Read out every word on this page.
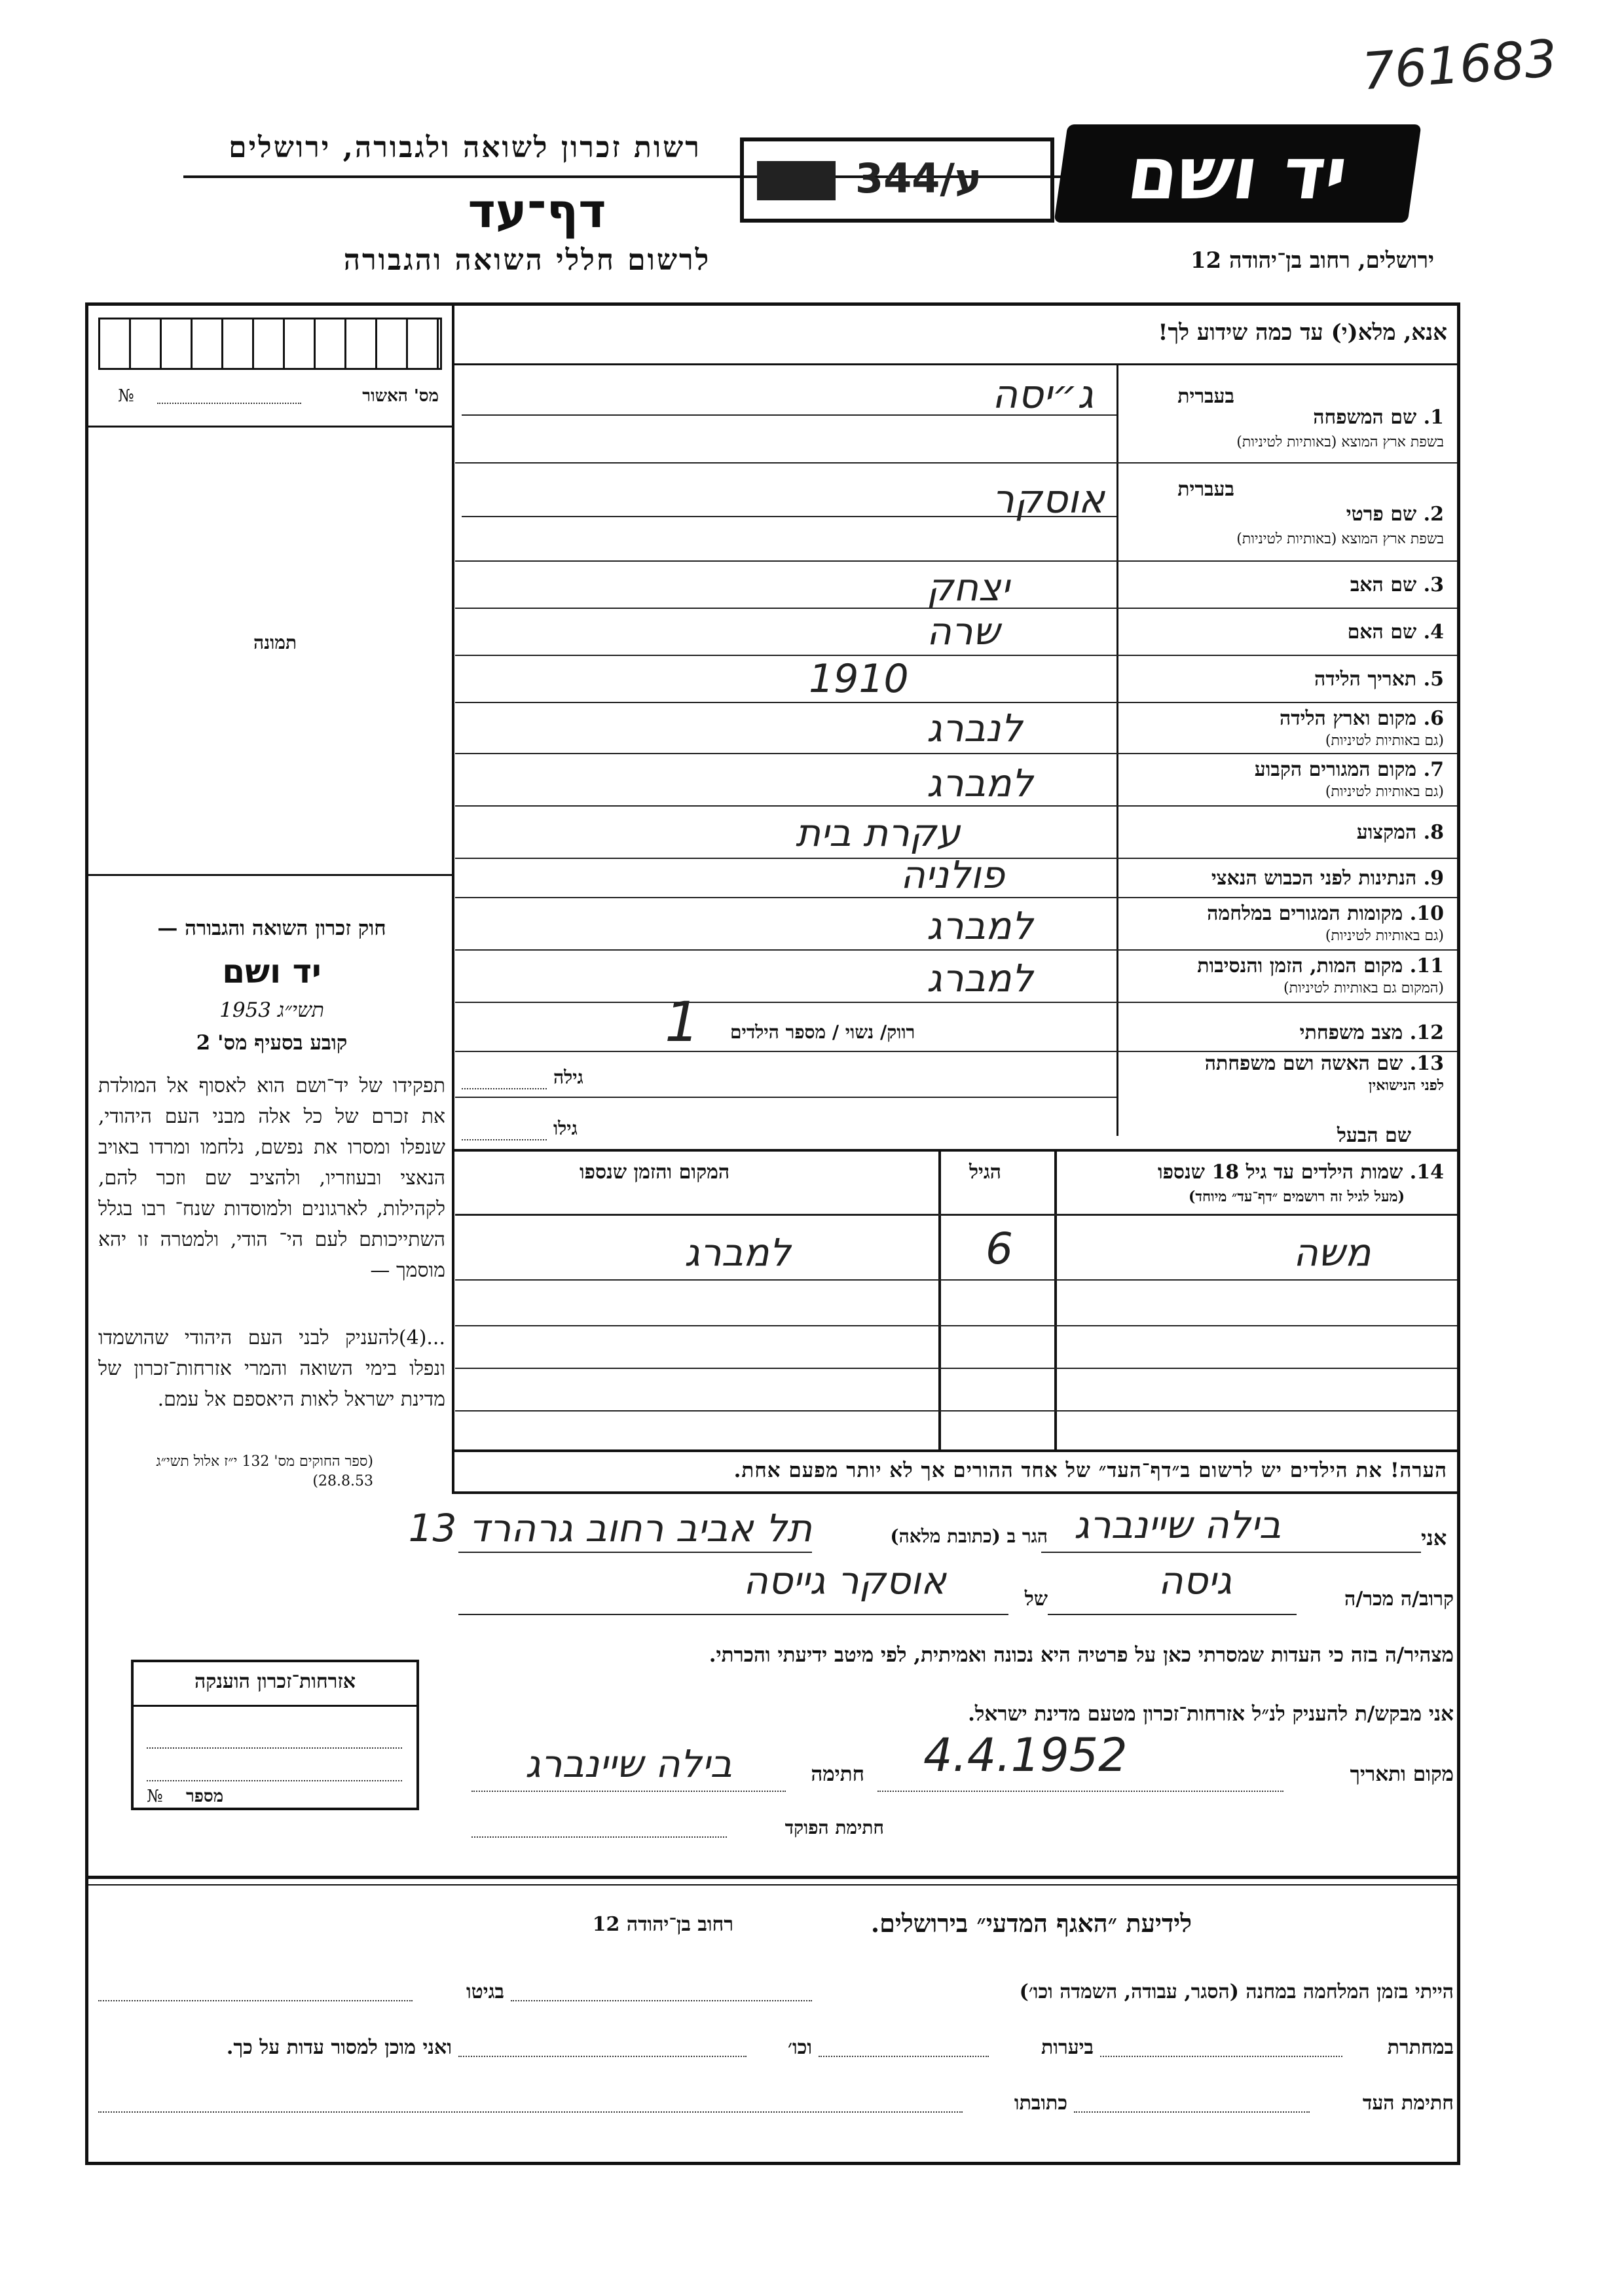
761683
רשות זכרון לשואה ולגבורה, ירושלים	יד ושם
344/ע
דף־עד
לרשום חללי השואה והגבורה	ירושלים, רחוב בן־יהודה 12
אנא, מלא(י) עד כמה שידוע לך!
מס' האשור
№
תמונה
חוק זכרון השואה והגבורה —
יד ושם
תשי״ג 1953
קובע בסעיף מס' 2
תפקידו של יד־ושם הוא לאסוף אל המולדת את זכרם של כל אלה מבני העם היהודי, שנפלו ומסרו את נפשם, נלחמו ומרדו באויב הנאצי ובעוזריו, ולהציב שם וזכר להם, לקהילות, לארגונים ולמוסדות שנח־ רבו בגלל השתייכותם לעם הי־ הודי, ולמטרה זו יהא מוסמך —
...(4)להעניק לבני העם היהודי שהושמדו ונפלו בימי השואה והמרי אזרחות־זכרון של מדינת ישראל לאות היאספם אל עמם.
(ספר החוקים מס' 132 י״ז אלול תשי״ג 28.8.53)
בעברית
1. שם המשפחה
בשפת ארץ המוצא (באותיות לטיניות)
ג״יסה
בעברית
2. שם פרטי
בשפת ארץ המוצא (באותיות לטיניות)
אוסקר
3. שם האב
יצחק
4. שם האם
שרה
5. תאריך הלידה
1910
6. מקום וארץ הלידה
(גם באותיות לטיניות)
לנברג
7. מקום המגורים הקבוע
(גם באותיות לטיניות)
למברג
8. המקצוע
עקרת בית
9. הנתינות לפני הכבוש הנאצי
פולניה
10. מקומות המגורים במלחמה
(גם באותיות לטיניות)
למברג
11. מקום המות, הזמן והנסיבות
(המקום גם באותיות לטיניות)
למברג
12. מצב משפחתי
רווק/ נשוי / מספר הילדים
1
13. שם האשה ושם משפחתה
לפני הנישואין
גילה
שם הבעל
גילו
14. שמות הילדים עד גיל 18 שנספו
(מעל לגיל זה רושמים ״דף־עד״ מיוחד)
הגיל
המקום והזמן שנספו
משה
6
למברג
הערה! את הילדים יש לרשום ב״דף־העד״ של אחד ההורים אך לא יותר מפעם אחת.
אני
בילה שיינברג
הגר ב (כתובת מלאה)
תל אביב רחוב גרהרד 13
קרוב/ה מכר/ה
גיסה
של
אוסקר גייסה
מצהיר/ה בזה כי העדות שמסרתי כאן על פרטיה היא נכונה ואמיתית, לפי מיטב ידיעתי והכרתי.
אני מבקש/ת להעניק לנ״ל אזרחות־זכרון מטעם מדינת ישראל.
אזרחות־זכרון הוענקה
מספר
№
מקום ותאריך
4.4.1952
חתימה
בילה שיינברג
חתימת הפוקד
לידיעת ״האגף המדעי״ בירושלים.
רחוב בן־יהודה 12
הייתי בזמן המלחמה במחנה (הסגר, עבודה, השמדה וכו׳)
בגיטו
במחתרת
ביערות
וכו׳
ואני מוכן למסור עדות על כך.
חתימת העד
כתובתו
